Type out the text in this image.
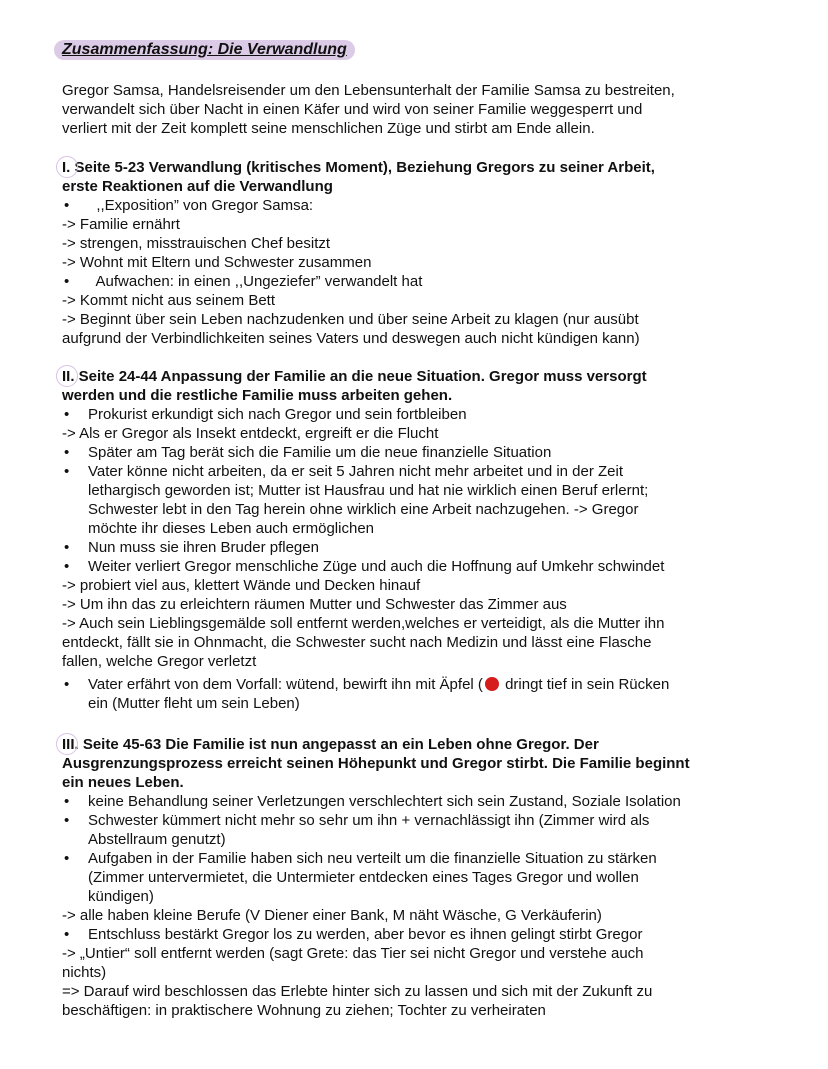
Zusammenfassung: Die Verwandlung
Gregor Samsa, Handelsreisender um den Lebensunterhalt der Familie Samsa zu bestreiten,
verwandelt sich über Nacht in einen Käfer und wird von seiner Familie weggesperrt und
verliert mit der Zeit komplett seine menschlichen Züge und stirbt am Ende allein.
I. Seite 5-23 Verwandlung (kritisches Moment), Beziehung Gregors zu seiner Arbeit,
erste Reaktionen auf die Verwandlung
•	,,Exposition” von Gregor Samsa:
-> Familie ernährt
-> strengen, misstrauischen Chef besitzt
-> Wohnt mit Eltern und Schwester zusammen
•	Aufwachen: in einen ,,Ungeziefer” verwandelt hat
-> Kommt nicht aus seinem Bett
-> Beginnt über sein Leben nachzudenken und über seine Arbeit zu klagen (nur ausübt
aufgrund der Verbindlichkeiten seines Vaters und deswegen auch nicht kündigen kann)
II. Seite 24-44 Anpassung der Familie an die neue Situation. Gregor muss versorgt
werden und die restliche Familie muss arbeiten gehen.
•	Prokurist erkundigt sich nach Gregor und sein fortbleiben
-> Als er Gregor als Insekt entdeckt, ergreift er die Flucht
•	Später am Tag berät sich die Familie um die neue finanzielle Situation
•	Vater könne nicht arbeiten, da er seit 5 Jahren nicht mehr arbeitet und in der Zeit
lethargisch geworden ist; Mutter ist Hausfrau und hat nie wirklich einen Beruf erlernt;
Schwester lebt in den Tag herein ohne wirklich eine Arbeit nachzugehen. -> Gregor
möchte ihr dieses Leben auch ermöglichen
•	Nun muss sie ihren Bruder pflegen
•	Weiter verliert Gregor menschliche Züge und auch die Hoffnung auf Umkehr schwindet
-> probiert viel aus, klettert Wände und Decken hinauf
-> Um ihn das zu erleichtern räumen Mutter und Schwester das Zimmer aus
-> Auch sein Lieblingsgemälde soll entfernt werden,welches er verteidigt, als die Mutter ihn
entdeckt, fällt sie in Ohnmacht, die Schwester sucht nach Medizin und lässt eine Flasche
fallen, welche Gregor verletzt
•	Vater erfährt von dem Vorfall: wütend, bewirft ihn mit Äpfel ( dringt tief in sein Rücken
ein (Mutter fleht um sein Leben)
III. Seite 45-63 Die Familie ist nun angepasst an ein Leben ohne Gregor. Der
Ausgrenzungsprozess erreicht seinen Höhepunkt und Gregor stirbt. Die Familie beginnt
ein neues Leben.
•	keine Behandlung seiner Verletzungen verschlechtert sich sein Zustand, Soziale Isolation
•	Schwester kümmert nicht mehr so sehr um ihn + vernachlässigt ihn (Zimmer wird als
Abstellraum genutzt)
•	Aufgaben in der Familie haben sich neu verteilt um die finanzielle Situation zu stärken
(Zimmer untervermietet, die Untermieter entdecken eines Tages Gregor und wollen
kündigen)
-> alle haben kleine Berufe (V Diener einer Bank, M näht Wäsche, G Verkäuferin)
•	Entschluss bestärkt Gregor los zu werden, aber bevor es ihnen gelingt stirbt Gregor
-> „Untier“ soll entfernt werden (sagt Grete: das Tier sei nicht Gregor und verstehe auch
nichts)
=> Darauf wird beschlossen das Erlebte hinter sich zu lassen und sich mit der Zukunft zu
beschäftigen: in praktischere Wohnung zu ziehen; Tochter zu verheiraten
